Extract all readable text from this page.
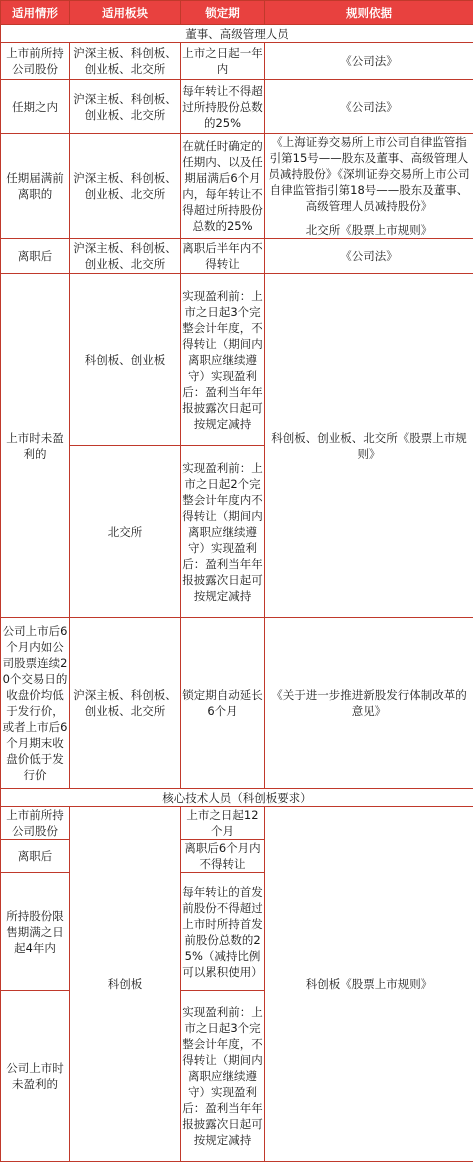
适用情形	适用板块	锁定期	规则依据
董事、高级管理人员			
上市前所持公司股份	沪深主板、科创板、创业板、北交所	上市之日起一年内	《公司法》
任期之内	沪深主板、科创板、创业板、北交所	每年转让不得超过所持股份总数的25%	《公司法》
任期届满前离职的	沪深主板、科创板、创业板、北交所	在就任时确定的任期内、以及任期届满后6个月内，每年转让不得超过所持股份总数的25%	《上海证券交易所上市公司自律监管指引第15号——股东及董事、高级管理人员减持股份》《深圳证券交易所上市公司自律监管指引第18号——股东及董事、高级管理人员减持股份》
北交所《股票上市规则》

离职后	沪深主板、科创板、创业板、北交所	离职后半年内不得转让	《公司法》
上市时未盈利的	科创板、创业板	实现盈利前：上市之日起3个完整会计年度，不得转让（期间内离职应继续遵守）实现盈利后：盈利当年年报披露次日起可按规定减持	科创板、创业板、北交所《股票上市规则》
	北交所	实现盈利前：上市之日起2个完整会计年度内不得转让（期间内离职应继续遵守）实现盈利后：盈利当年年报披露次日起可按规定减持	
公司上市后6个月内如公司股票连续20个交易日的收盘价均低于发行价，或者上市后6个月期末收盘价低于发行价	沪深主板、科创板、创业板、北交所	锁定期自动延长6个月	《关于进一步推进新股发行体制改革的意见》
核心技术人员（科创板要求）			
上市前所持公司股份	科创板	上市之日起12个月	科创板《股票上市规则》
离职后		离职后6个月内不得转让	
所持股份限售期满之日起4年内		每年转让的首发前股份不得超过上市时所持首发前股份总数的25%（减持比例可以累积使用）	
公司上市时未盈利的		实现盈利前：上市之日起3个完整会计年度，不得转让（期间内离职应继续遵守）实现盈利后：盈利当年年报披露次日起可按规定减持	
